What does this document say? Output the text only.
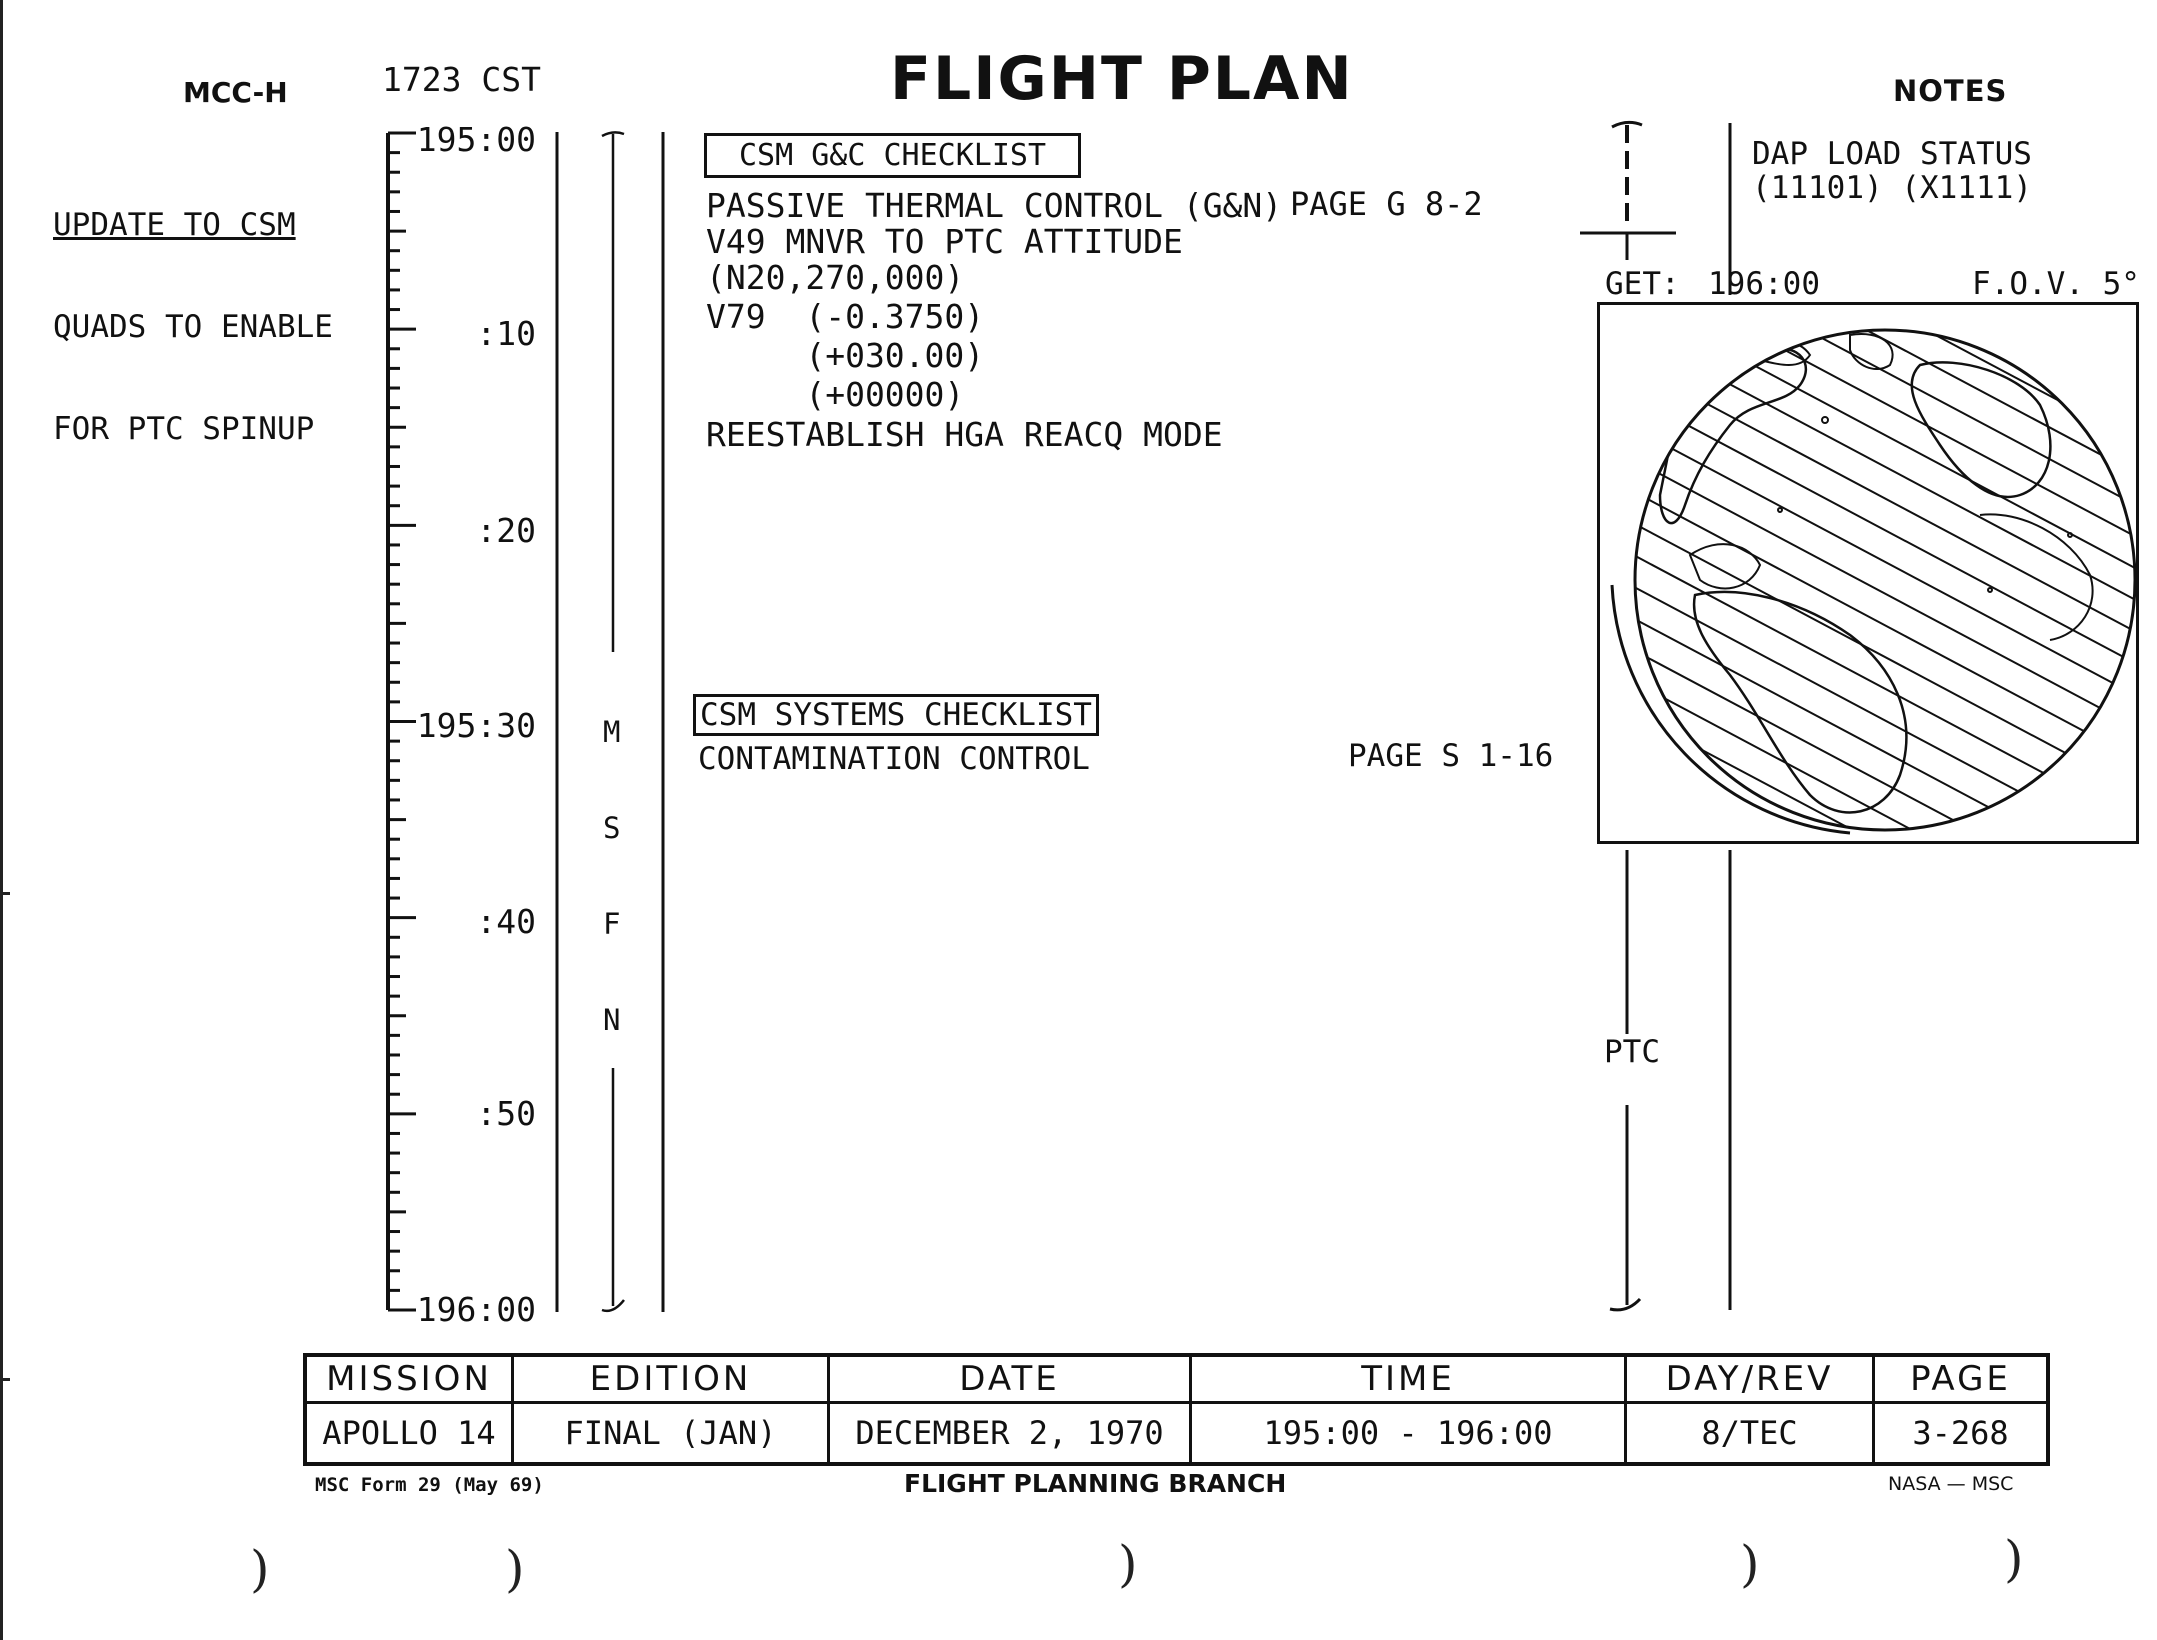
MCC-H	1723 CST	FLIGHT PLAN	NOTES

UPDATE TO CSM

QUADS TO ENABLE

FOR PTC SPINUP

195:00
:10
:20
195:30
:40
:50
196:00

M

S

F

N

CSM G&C CHECKLIST
PAGE G 8-2
PASSIVE THERMAL CONTROL (G&N)
V49 MNVR TO PTC ATTITUDE
(N20,270,000)
V79  (-0.3750)
(+030.00)
(+00000)
REESTABLISH HGA REACQ MODE
CSM SYSTEMS CHECKLIST
CONTAMINATION CONTROL	PAGE S 1-16
DAP LOAD STATUS
(11101) (X1111)
GET: 196:00	F.O.V. 5°
PTC
MISSION	EDITION	DATE	TIME	DAY/REV	PAGE
APOLLO 14	FINAL (JAN)	DECEMBER 2, 1970	195:00 - 196:00	8/TEC	3-268
MSC Form 29 (May 69)	FLIGHT PLANNING BRANCH	NASA — MSC
)	)	)	)	)
